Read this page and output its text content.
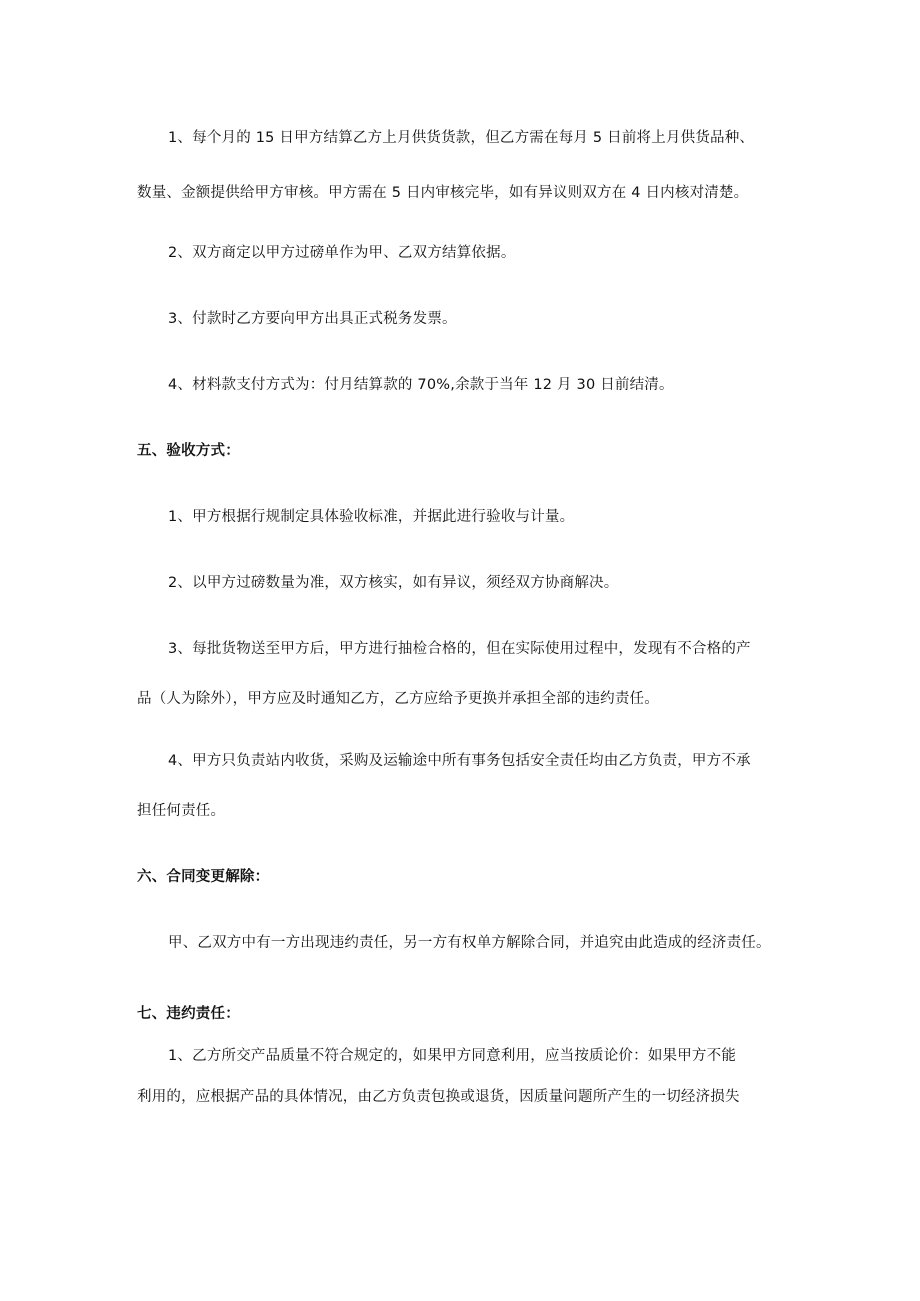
1、每个月的 15 日甲方结算乙方上月供货货款，但乙方需在每月 5 日前将上月供货品种、
数量、金额提供给甲方审核。甲方需在 5 日内审核完毕，如有异议则双方在 4 日内核对清楚。
2、双方商定以甲方过磅单作为甲、乙双方结算依据。
3、付款时乙方要向甲方出具正式税务发票。
4、材料款支付方式为：付月结算款的 70%,余款于当年 12 月 30 日前结清。
五、验收方式：
1、甲方根据行规制定具体验收标准，并据此进行验收与计量。
2、以甲方过磅数量为准，双方核实，如有异议，须经双方协商解决。
3、每批货物送至甲方后，甲方进行抽检合格的，但在实际使用过程中，发现有不合格的产
品（人为除外），甲方应及时通知乙方，乙方应给予更换并承担全部的违约责任。
4、甲方只负责站内收货，采购及运输途中所有事务包括安全责任均由乙方负责，甲方不承
担任何责任。
六、合同变更解除：
甲、乙双方中有一方出现违约责任，另一方有权单方解除合同，并追究由此造成的经济责任。
七、违约责任：
1、乙方所交产品质量不符合规定的，如果甲方同意利用，应当按质论价：如果甲方不能
利用的，应根据产品的具体情况，由乙方负责包换或退货，因质量问题所产生的一切经济损失
